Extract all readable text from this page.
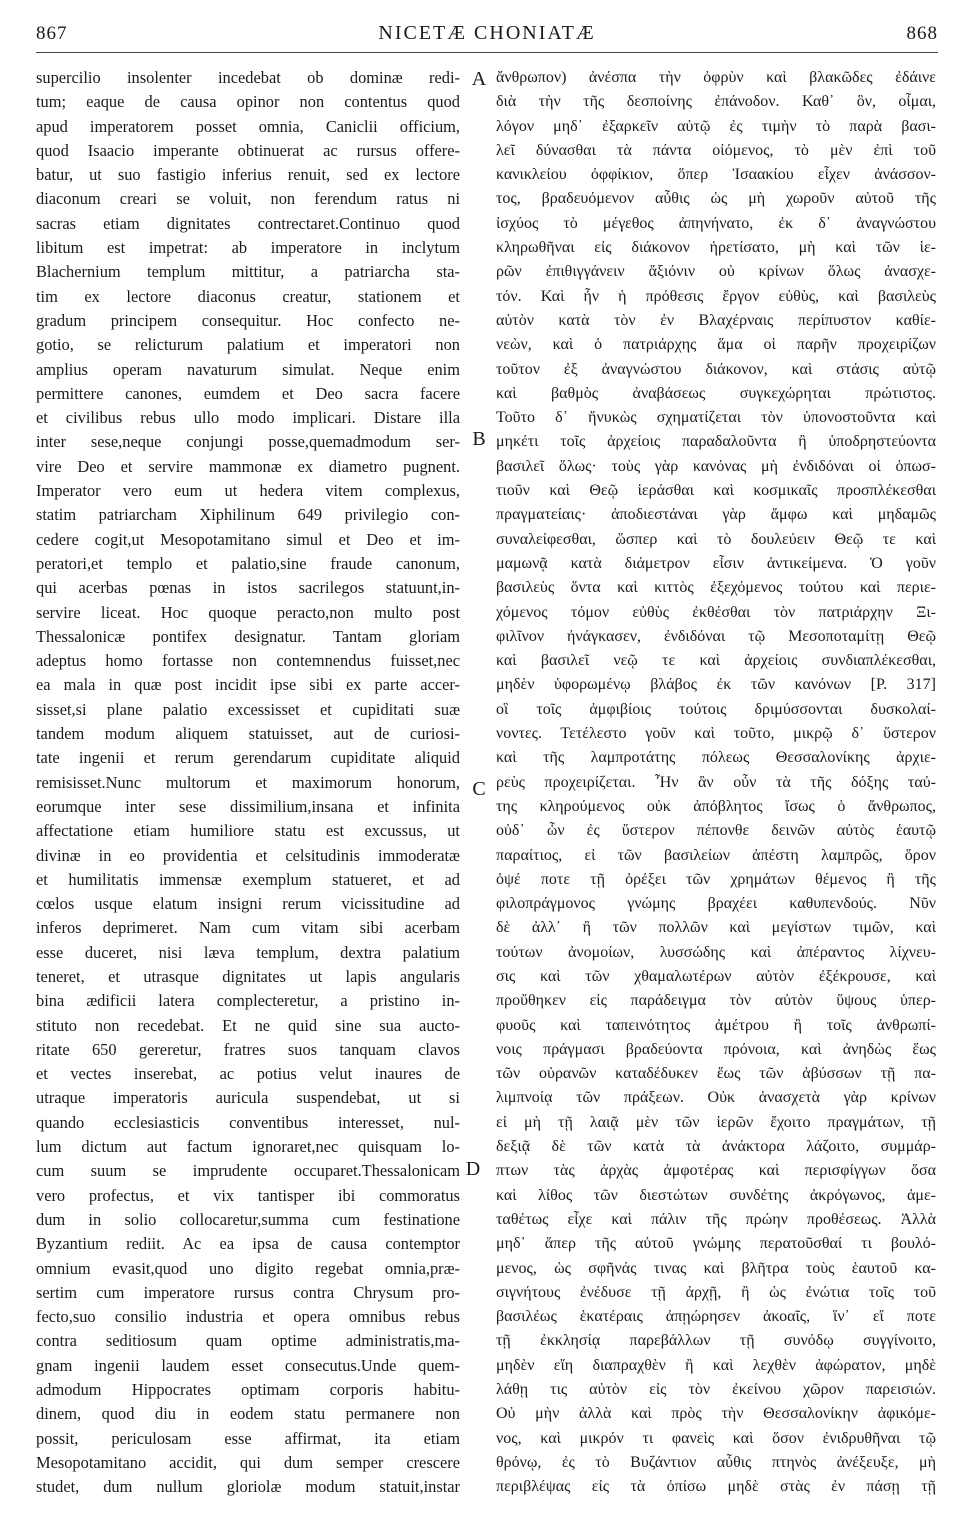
867	NICETÆ CHONIATÆ	868
supercilio insolenter incedebat ob dominæ redi-
tum; eaque de causa opinor non contentus quod
apud imperatorem posset omnia, Caniclii officium,
quod Isaacio imperante obtinuerat ac rursus offere-
batur, ut suo fastigio inferius renuit, sed ex lectore
diaconum creari se voluit, non ferendum ratus ni
sacras etiam dignitates contrectaret.Continuo quod
libitum est impetrat: ab imperatore in inclytum
Blachernium templum mittitur, a patriarcha sta-
tim ex lectore diaconus creatur, stationem et
gradum principem consequitur. Hoc confecto ne-
gotio, se relicturum palatium et imperatori non
amplius operam navaturum simulat. Neque enim
permittere canones, eumdem et Deo sacra facere
et civilibus rebus ullo modo implicari. Distare illa
inter sese,neque conjungi posse,quemadmodum ser-
vire Deo et servire mammonæ ex diametro pugnent.
Imperator vero eum ut hedera vitem complexus,
statim patriarcham Xiphilinum 649 privilegio con-
cedere cogit,ut Mesopotamitano simul et Deo et im-
peratori,et templo et palatio,sine fraude canonum,
qui acerbas pœnas in istos sacrilegos statuunt,in-
servire liceat. Hoc quoque peracto,non multo post
Thessalonicæ pontifex designatur. Tantam gloriam
adeptus homo fortasse non contemnendus fuisset,nec
ea mala in quæ post incidit ipse sibi ex parte accer-
sisset,si plane palatio excessisset et cupiditati suæ
tandem modum aliquem statuisset, aut de curiosi-
tate ingenii et rerum gerendarum cupiditate aliquid
remisisset.Nunc multorum et maximorum honorum,
eorumque inter sese dissimilium,insana et infinita
affectatione etiam humiliore statu est excussus, ut
divinæ in eo providentia et celsitudinis immoderatæ
et humilitatis immensæ exemplum statueret, et ad
cœlos usque elatum insigni rerum vicissitudine ad
inferos deprimeret. Nam cum vitam sibi acerbam
esse duceret, nisi læva templum, dextra palatium
teneret, et utrasque dignitates ut lapis angularis
bina ædificii latera complecteretur, a pristino in-
stituto non recedebat. Et ne quid sine sua aucto-
ritate 650 gereretur, fratres suos tanquam clavos
et vectes inserebat, ac potius velut inaures de
utraque imperatoris auricula suspendebat, ut si
quando ecclesiasticis conventibus interesset, nul-
lum dictum aut factum ignoraret,nec quisquam lo-
cum suum se imprudente occuparet.Thessalonicam
vero profectus, et vix tantisper ibi commoratus
dum in solio collocaretur,summa cum festinatione
Byzantium rediit. Ac ea ipsa de causa contemptor
omnium evasit,quod uno digito regebat omnia,præ-
sertim cum imperatore rursus contra Chrysum pro-
fecto,suo consilio industria et opera omnibus rebus
contra seditiosum quam optime administratis,ma-
gnam ingenii laudem esset consecutus.Unde quem-
admodum Hippocrates optimam corporis habitu-
dinem, quod diu in eodem statu permanere non
possit, periculosam esse affirmat, ita etiam
Mesopotamitano accidit, qui dum semper crescere
studet, dum nullum gloriolæ modum statuit,instar
ἄνθρωπον) ἀνέσπα τὴν ὀφρὺν καὶ βλακῶδες ἐδάινε
διὰ τὴν τῆς δεσποίνης ἐπάνοδον. Καθ᾽ ὃν, οἶμαι,
λόγον μηδ᾽ ἐξαρκεῖν αὐτῷ ἐς τιμὴν τὸ παρὰ βασι-
λεῖ δύνασθαι τὰ πάντα οἰόμενος, τὸ μὲν ἐπὶ τοῦ
κανικλείου ὀφφίκιον, ὅπερ Ἰσαακίου εἶχεν ἀνάσσον-
τος, βραδευόμενον αὖθις ὡς μὴ χωροῦν αὐτοῦ τῆς
ἰσχύος τὸ μέγεθος ἀπηνήνατο, ἐκ δ᾽ ἀναγνώστου
κληρωθῆναι εἰς διάκονον ἡρετίσατο, μὴ καὶ τῶν ἱε-
ρῶν ἐπιθιγγάνειν ἄξιόνιν οὐ κρίνων ὅλως ἀνασχε-
τόν. Καὶ ἦν ἡ πρόθεσις ἔργον εὐθὺς, καὶ βασιλεὺς
αὐτὸν κατὰ τὸν ἐν Βλαχέρναις περίπυστον καθίε-
νεὼν, καὶ ὁ πατριάρχης ἅμα οἱ παρῆν προχειρίζων
τοῦτον ἐξ ἀναγνώστου διάκονον, καὶ στάσις αὐτῷ
καὶ βαθμὸς ἀναβάσεως συγκεχώρηται πρώτιστος.
Τοῦτο δ᾽ ἤνυκὼς σχηματίζεται τὸν ὑπονοστοῦντα καὶ
μηκέτι τοῖς ἀρχείοις παραδαλοῦντα ἢ ὑποδρηστεύοντα
βασιλεῖ ὅλως· τοὺς γὰρ κανόνας μὴ ἐνδιδόναι οἱ ὁπωσ-
τιοῦν καὶ Θεῷ ἱεράσθαι καὶ κοσμικαῖς προσπλέκεσθαι
πραγματείαις· ἀποδιεστάναι γὰρ ἄμφω καὶ μηδαμῶς
συναλείφεσθαι, ὥσπερ καὶ τὸ δουλεύειν Θεῷ τε καὶ
μαμωνᾷ κατὰ διάμετρον εἶσιν ἀντικείμενα. Ὁ γοῦν
βασιλεὺς ὅντα καὶ κιττὸς ἐξεχόμενος τούτου καὶ περιε-
χόμενος τόμον εὐθὺς ἐκθέσθαι τὸν πατριάρχην Ξι-
φιλῖνον ἠνάγκασεν, ἐνδιδόναι τῷ Μεσοποταμίτῃ Θεῷ
καὶ βασιλεῖ νεῷ τε καὶ ἀρχείοις συνδιαπλέκεσθαι,
μηδὲν ὑφορωμένῳ βλάβος ἐκ τῶν κανόνων [P. 317]
οἳ τοῖς ἀμφιβίοις τούτοις δριμύσσονται δυσκολαί-
νοντες. Τετέλεστο γοῦν καὶ τοῦτο, μικρῷ δ᾽ ὕστερον
καὶ τῆς λαμπροτάτης πόλεως Θεσσαλονίκης ἀρχιε-
ρεὺς προχειρίζεται. Ἦν ἂν οὖν τὰ τῆς δόξης ταὐ-
της κληρούμενος οὐκ ἀπόβλητος ἴσως ὁ ἄνθρωπος,
οὐδ᾽ ὧν ἐς ὕστερον πέπονθε δεινῶν αὐτὸς ἑαυτῷ
παραίτιος, εἰ τῶν βασιλείων ἀπέστη λαμπρῶς, ὅρον
ὀψέ ποτε τῇ ὀρέξει τῶν χρημάτων θέμενος ἢ τῆς
φιλοπράγμονος γνώμης βραχέει καθυπενδούς. Νῦν
δὲ ἀλλ᾽ ἢ τῶν πολλῶν καὶ μεγίστων τιμῶν, καὶ
τούτων ἀνομοίων, λυσσώδης καὶ ἀπέραντος λίχνευ-
σις καὶ τῶν χθαμαλωτέρων αὐτὸν ἐξέκρουσε, καὶ
προὔθηκεν εἰς παράδειγμα τὸν αὐτὸν ὕψους ὑπερ-
φυοῦς καὶ ταπεινότητος ἀμέτρου ἢ τοῖς ἀνθρωπί-
νοις πράγμασι βραδεύοντα πρόνοια, καὶ ἀνηδὼς ἕως
τῶν οὐρανῶν καταδέδυκεν ἕως τῶν ἀβύσσων τῇ πα-
λιμπνοίᾳ τῶν πράξεων. Οὐκ ἀνασχετὰ γὰρ κρίνων
εἰ μὴ τῇ λαιᾷ μὲν τῶν ἱερῶν ἔχοιτο πραγμάτων, τῇ
δεξιᾷ δὲ τῶν κατὰ τὰ ἀνάκτορα λάζοιτο, συμμάρ-
πτων τὰς ἀρχὰς ἀμφοτέρας καὶ περισφίγγων ὅσα
καὶ λίθος τῶν διεστώτων συνδέτης ἀκρόγωνος, ἀμε-
ταθέτως εἶχε καὶ πάλιν τῆς πρώην προθέσεως. Ἀλλὰ
μηδ᾽ ἅπερ τῆς αὐτοῦ γνώμης περατοῦσθαί τι βουλό-
μενος, ὡς σφῆνάς τινας καὶ βλῆτρα τοὺς ἑαυτοῦ κα-
σιγνήτους ἐνέδυσε τῇ ἀρχῇ, ἢ ὡς ἐνώτια τοῖς τοῦ
βασιλέως ἑκατέραις ἀπῃώρησεν ἀκοαῖς, ἵν᾽ εἴ ποτε
τῇ ἐκκλησίᾳ παρεβάλλων τῇ συνόδῳ συγγίνοιτο,
μηδὲν εἴη διαπραχθὲν ἢ καὶ λεχθὲν ἀφώρατον, μηδὲ
λάθῃ τις αὐτὸν εἰς τὸν ἐκείνου χῶρον παρεισιών.
Οὐ μὴν ἀλλὰ καὶ πρὸς τὴν Θεσσαλονίκην ἀφικόμε-
νος, καὶ μικρόν τι φανεὶς καὶ ὅσον ἐνιδρυθῆναι τῷ
θρόνῳ, ἐς τὸ Βυζάντιον αὖθις πτηνὸς ἀνέξευξε, μὴ
περιβλέψας εἰς τὰ ὀπίσω μηδὲ στὰς ἐν πάσῃ τῇ
A
B
C
D
